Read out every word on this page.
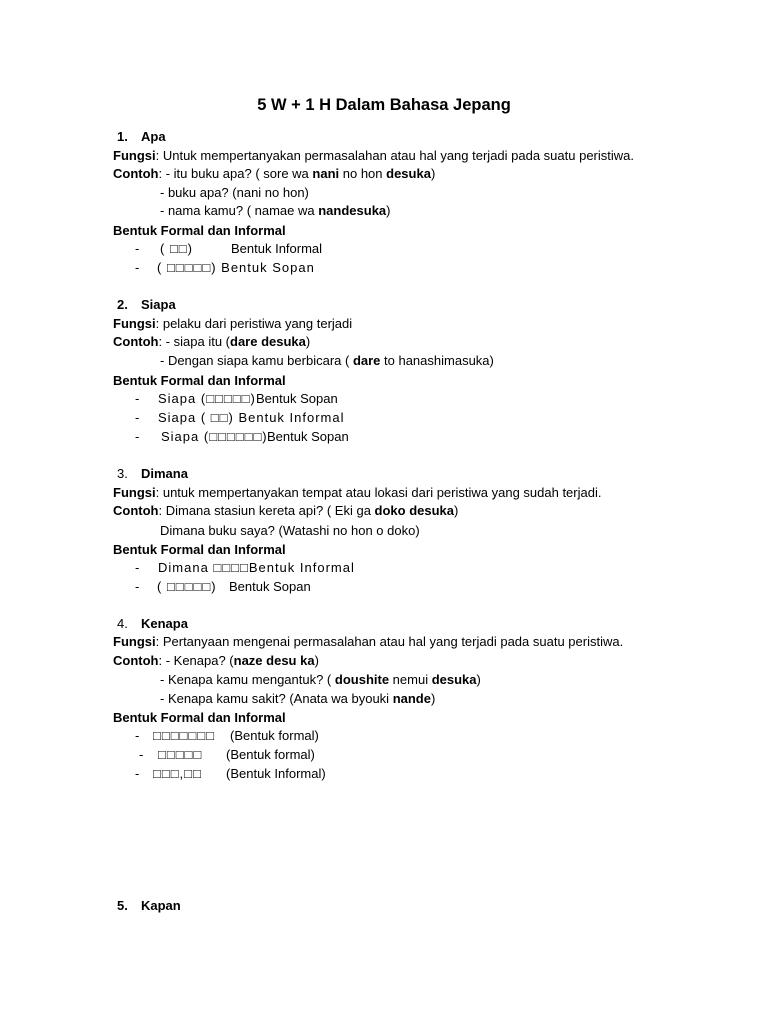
5 W + 1 H Dalam Bahasa Jepang
1. Apa
Fungsi: Untuk mempertanyakan permasalahan atau hal yang terjadi pada suatu peristiwa.
Contoh: - itu buku apa? ( sore wa nani no hon desuka)
- buku apa? (nani no hon)
- nama kamu? ( namae wa nandesuka)
Bentuk Formal dan Informal
- ( □□)	Bentuk Informal
- ( □□□□□) Bentuk Sopan
2. Siapa
Fungsi: pelaku dari peristiwa yang terjadi
Contoh: - siapa itu (dare desuka)
- Dengan siapa kamu berbicara ( dare to hanashimasuka)
Bentuk Formal dan Informal
- Siapa (□□□□□) Bentuk Sopan
- Siapa ( □□) Bentuk Informal
- Siapa (□□□□□□) Bentuk Sopan
3. Dimana
Fungsi: untuk mempertanyakan tempat atau lokasi dari peristiwa yang sudah terjadi.
Contoh: Dimana stasiun kereta api? ( Eki ga doko desuka)
Dimana buku saya? (Watashi no hon o doko)
Bentuk Formal dan Informal
- Dimana □□□□Bentuk Informal
- ( □□□□□) Bentuk Sopan
4. Kenapa
Fungsi: Pertanyaan mengenai permasalahan atau hal yang terjadi pada suatu peristiwa.
Contoh: - Kenapa? (naze desu ka)
- Kenapa kamu mengantuk? ( doushite nemui desuka)
- Kenapa kamu sakit? (Anata wa byouki nande)
Bentuk Formal dan Informal
- □□□□□□□ (Bentuk formal)
- □□□□□ (Bentuk formal)
- □□□,□□ (Bentuk Informal)
5. Kapan
